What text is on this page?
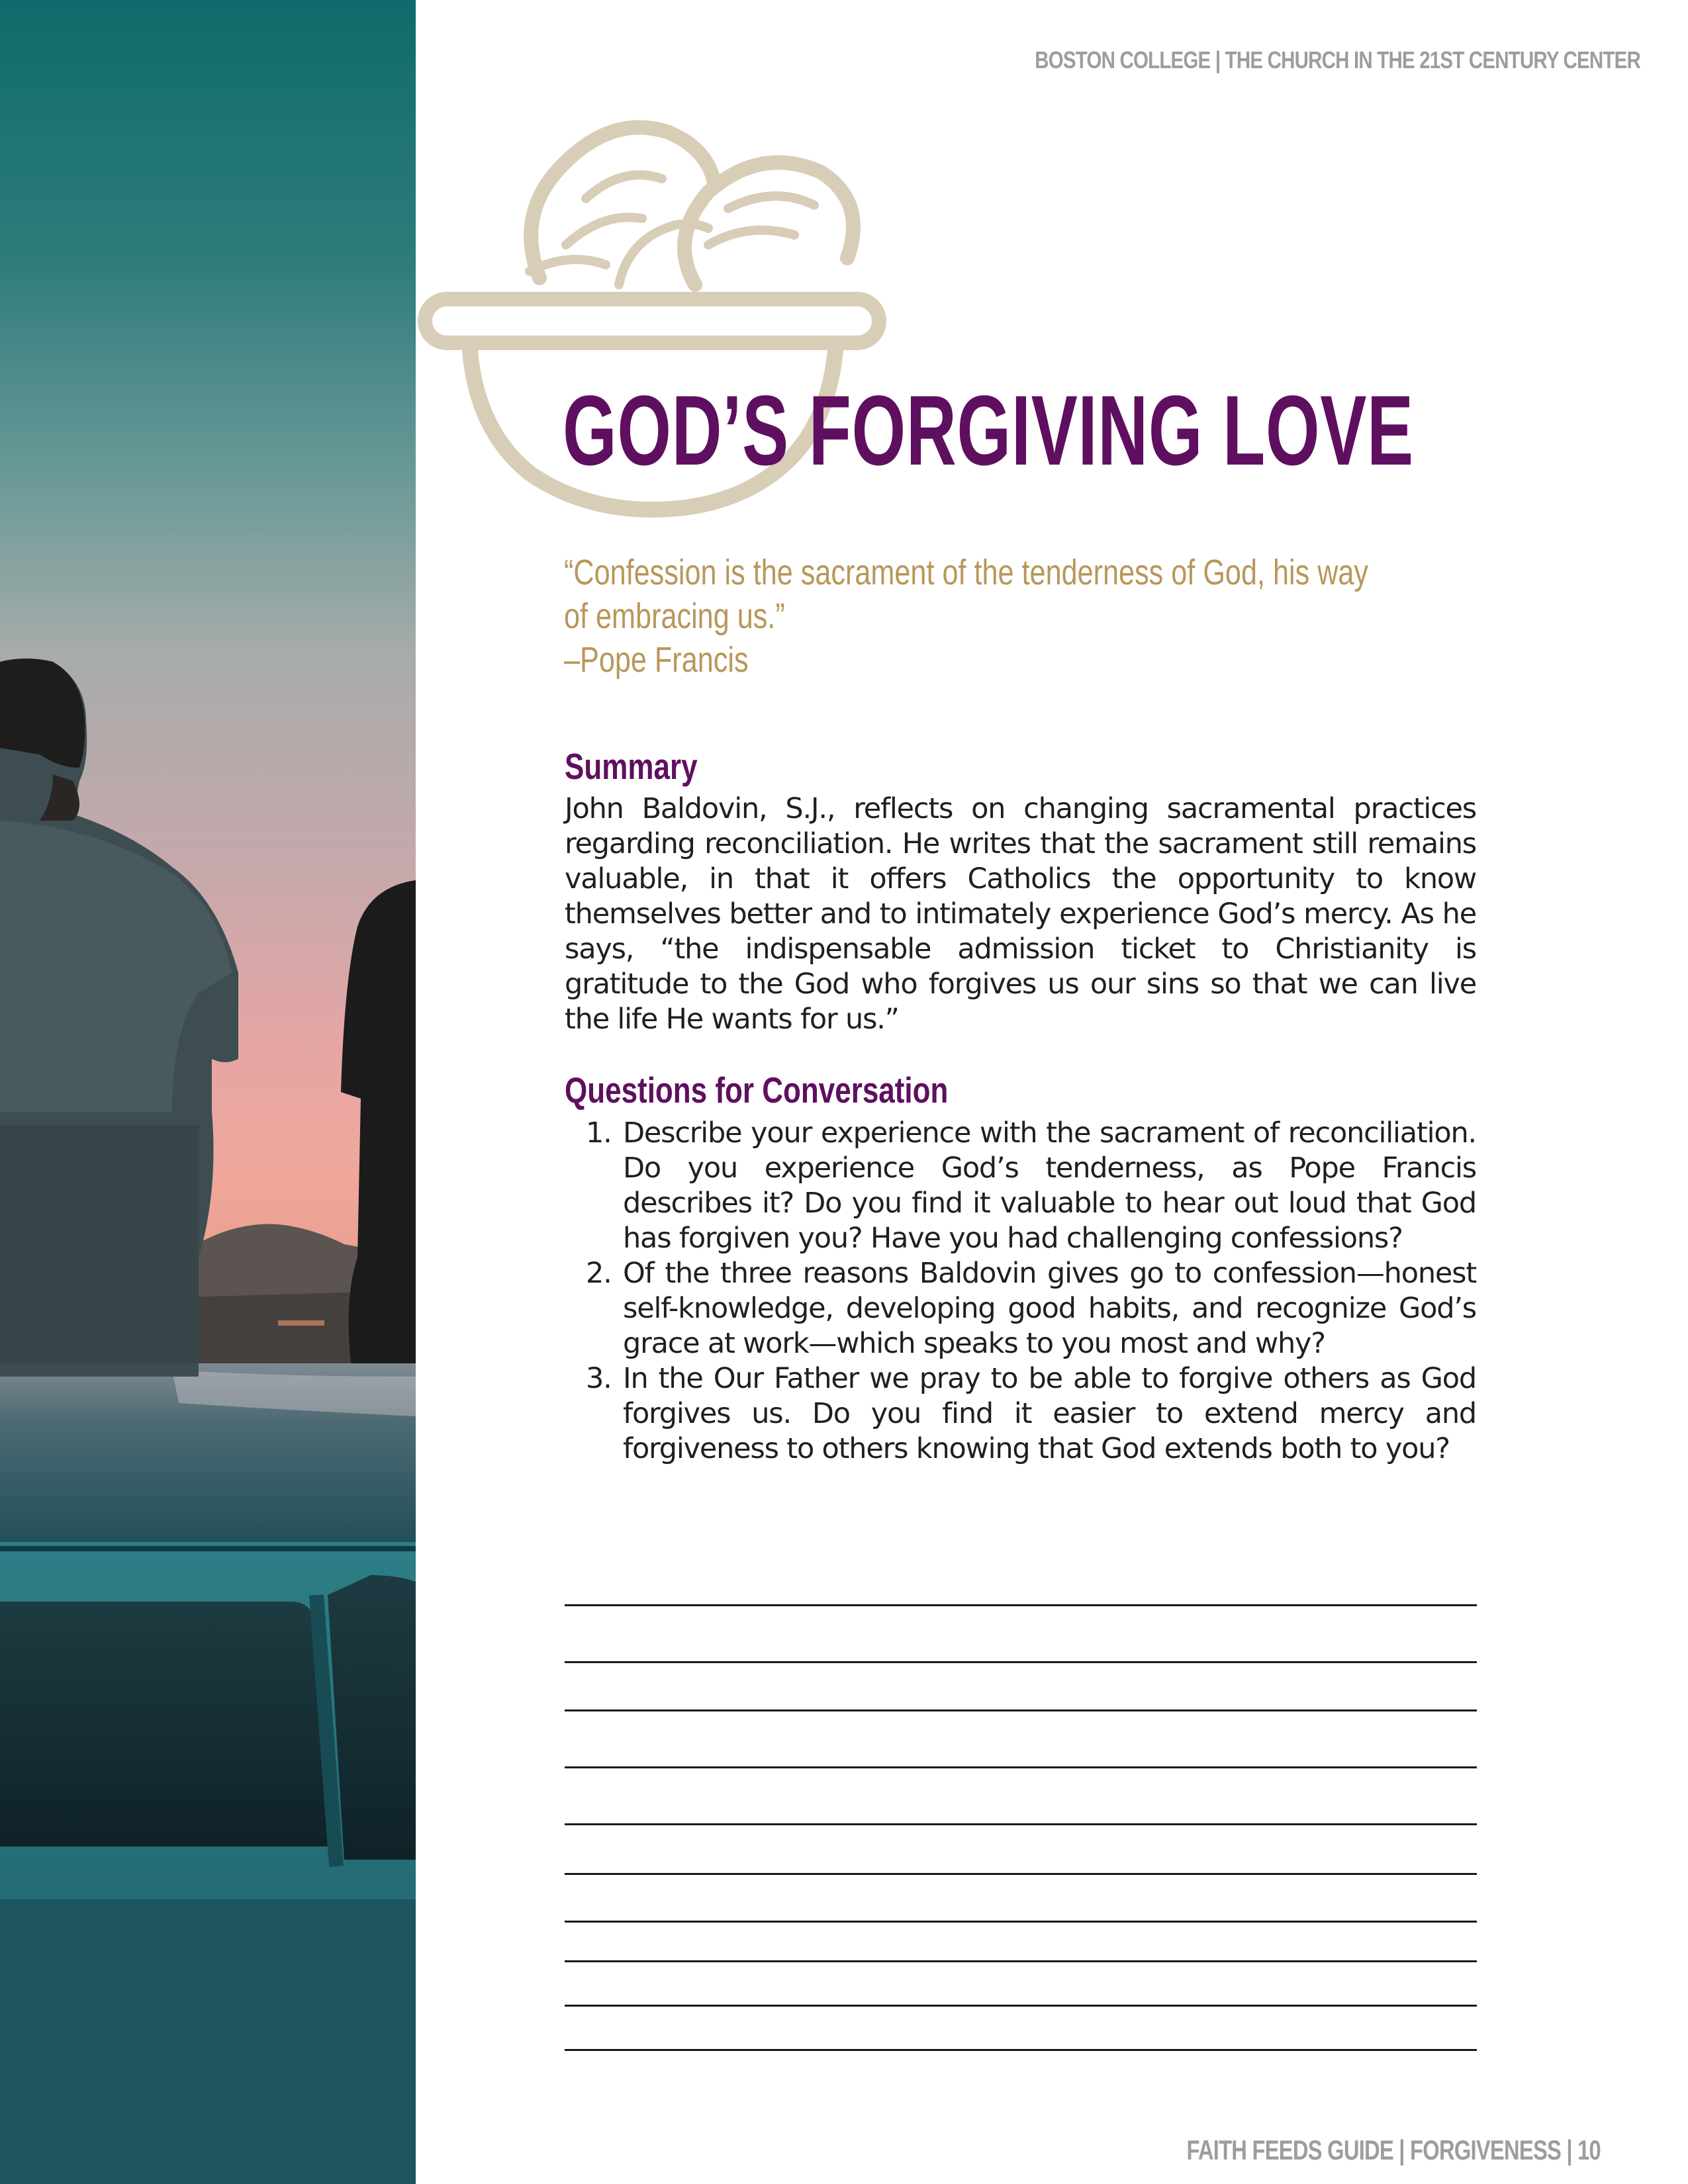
BOSTON COLLEGE | THE CHURCH IN THE 21ST CENTURY CENTER
GOD’S FORGIVING LOVE
“Confession is the sacrament of the tenderness of God, his way
of embracing us.”
–Pope Francis
Summary

John Baldovin, S.J., reflects on changing sacramental practices regarding reconciliation. He writes that the sacrament still remains valuable, in that it offers Catholics the opportunity to know themselves better and to intimately experience God’s mercy. As he says, “the indispensable admission ticket to Christianity is gratitude to the God who forgives us our sins so that we can live the life He wants for us.”

Questions for Conversation
1. Describe your experience with the sacrament of reconciliation. Do you experience God’s tenderness, as Pope Francis describes it? Do you find it valuable to hear out loud that God has forgiven you? Have you had challenging confessions?
2. Of the three reasons Baldovin gives go to confession—honest self-knowledge, developing good habits, and recognize God’s grace at work—which speaks to you most and why?
3. In the Our Father we pray to be able to forgive others as God forgives us. Do you find it easier to extend mercy and forgiveness to others knowing that God extends both to you?
FAITH FEEDS GUIDE | FORGIVENESS | 10
